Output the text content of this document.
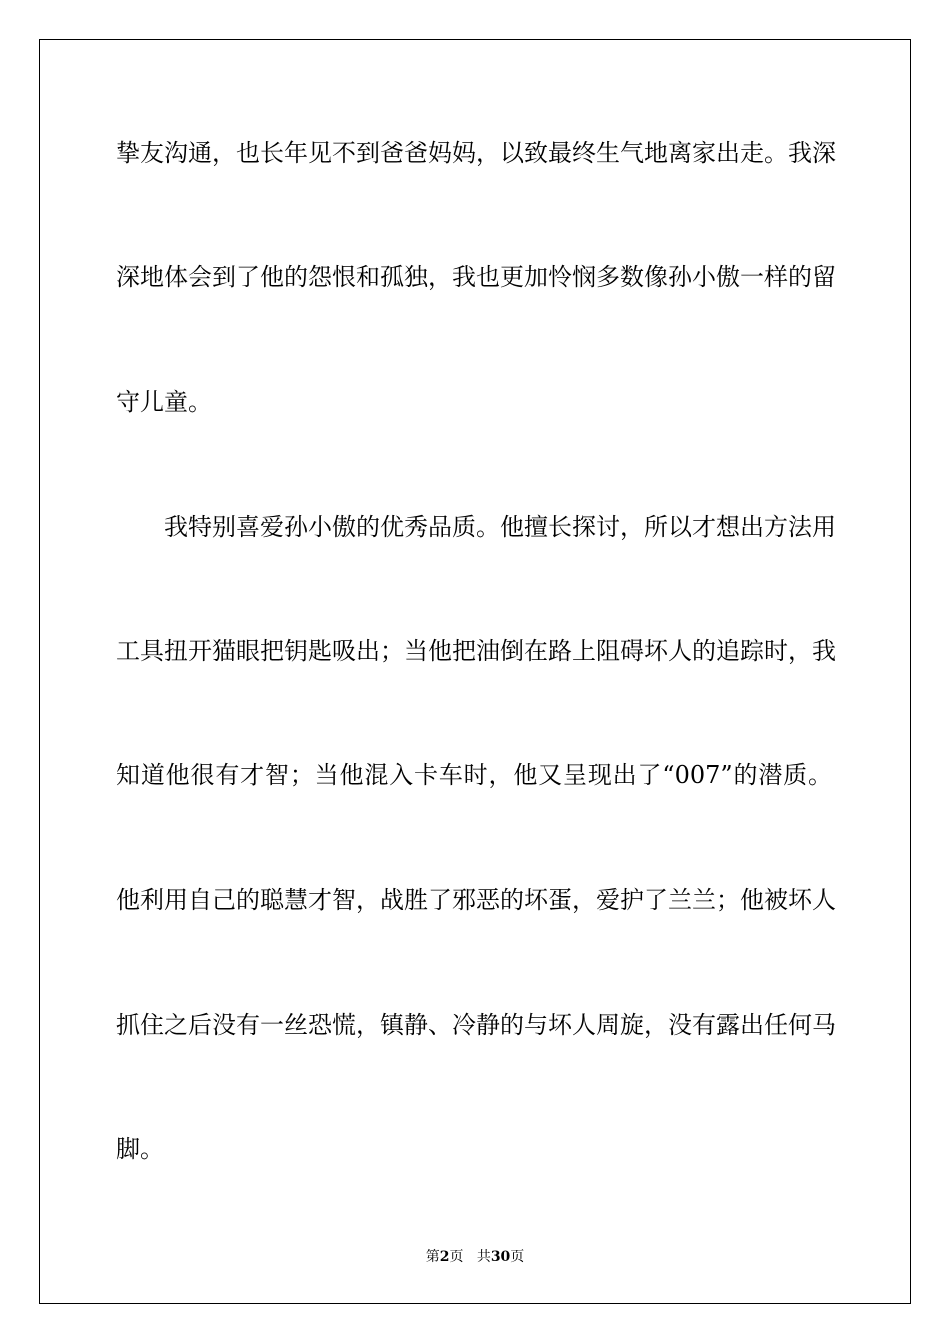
挚友沟通，也长年见不到爸爸妈妈，以致最终生气地离家出走。我深
深地体会到了他的怨恨和孤独，我也更加怜悯多数像孙小傲一样的留
守儿童。
我特别喜爱孙小傲的优秀品质。他擅长探讨，所以才想出方法用
工具扭开猫眼把钥匙吸出；当他把油倒在路上阻碍坏人的追踪时，我
知道他很有才智；当他混入卡车时，他又呈现出了“007”的潜质。
他利用自己的聪慧才智，战胜了邪恶的坏蛋，爱护了兰兰；他被坏人
抓住之后没有一丝恐慌，镇静、冷静的与坏人周旋，没有露出任何马
脚。
第2页 共30页
